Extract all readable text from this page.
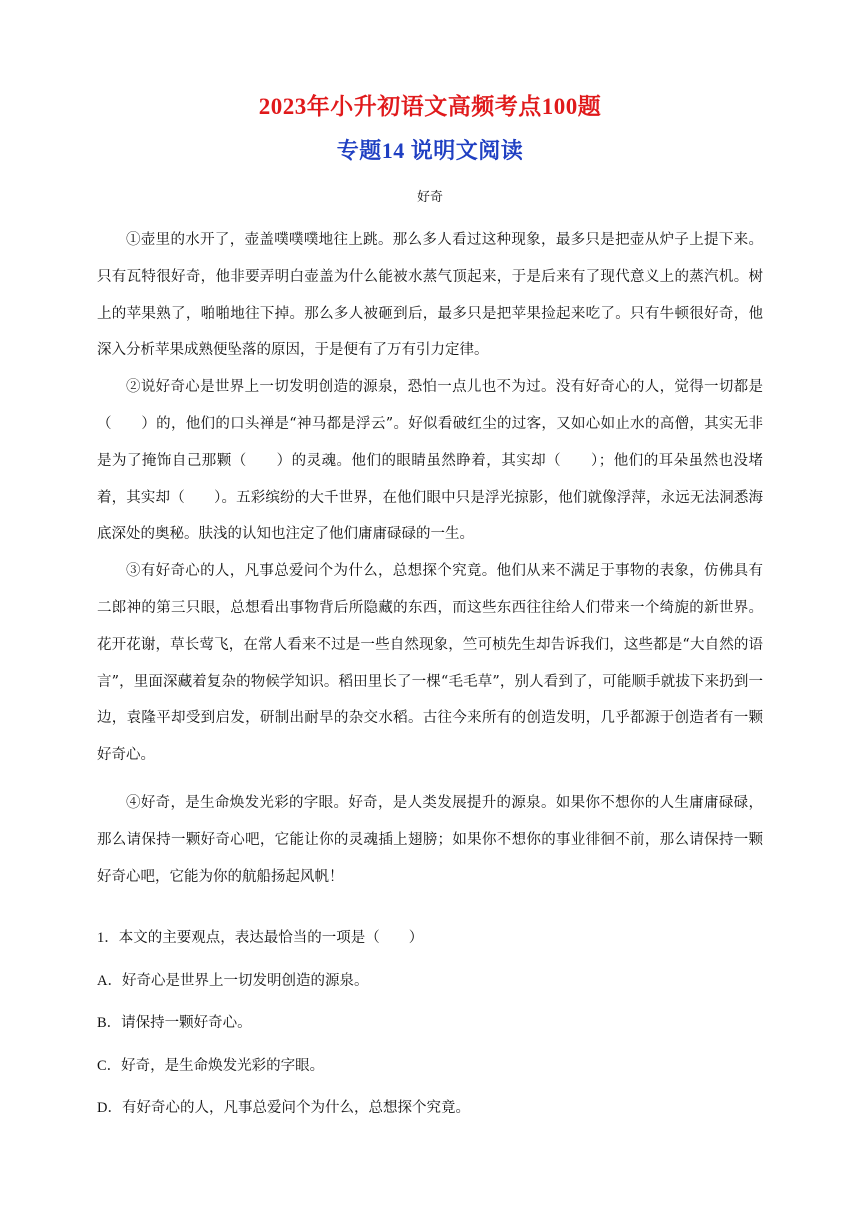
2023年小升初语文高频考点100题
专题14 说明文阅读
好奇

①壶里的水开了，壶盖噗噗噗地往上跳。那么多人看过这种现象，最多只是把壶从炉子上提下来。只有瓦特很好奇，他非要弄明白壶盖为什么能被水蒸气顶起来，于是后来有了现代意义上的蒸汽机。树上的苹果熟了，啪啪地往下掉。那么多人被砸到后，最多只是把苹果捡起来吃了。只有牛顿很好奇，他深入分析苹果成熟便坠落的原因，于是便有了万有引力定律。

②说好奇心是世界上一切发明创造的源泉，恐怕一点儿也不为过。没有好奇心的人，觉得一切都是（　　）的，他们的口头禅是“神马都是浮云”。好似看破红尘的过客，又如心如止水的高僧，其实无非是为了掩饰自己那颗（　　）的灵魂。他们的眼睛虽然睁着，其实却（　　）；他们的耳朵虽然也没堵着，其实却（　　）。五彩缤纷的大千世界，在他们眼中只是浮光掠影，他们就像浮萍，永远无法洞悉海底深处的奥秘。肤浅的认知也注定了他们庸庸碌碌的一生。

③有好奇心的人，凡事总爱问个为什么，总想探个究竟。他们从来不满足于事物的表象，仿佛具有二郎神的第三只眼，总想看出事物背后所隐藏的东西，而这些东西往往给人们带来一个绮旎的新世界。花开花谢，草长莺飞，在常人看来不过是一些自然现象，竺可桢先生却告诉我们，这些都是“大自然的语言”，里面深藏着复杂的物候学知识。稻田里长了一棵“毛毛草”，别人看到了，可能顺手就拔下来扔到一边，袁隆平却受到启发，研制出耐旱的杂交水稻。古往今来所有的创造发明，几乎都源于创造者有一颗好奇心。

④好奇，是生命焕发光彩的字眼。好奇，是人类发展提升的源泉。如果你不想你的人生庸庸碌碌，那么请保持一颗好奇心吧，它能让你的灵魂插上翅膀；如果你不想你的事业徘徊不前，那么请保持一颗好奇心吧，它能为你的航船扬起风帆！

1．本文的主要观点，表达最恰当的一项是（　　）
A．好奇心是世界上一切发明创造的源泉。
B．请保持一颗好奇心。
C．好奇，是生命焕发光彩的字眼。
D．有好奇心的人，凡事总爱问个为什么，总想探个究竟。
